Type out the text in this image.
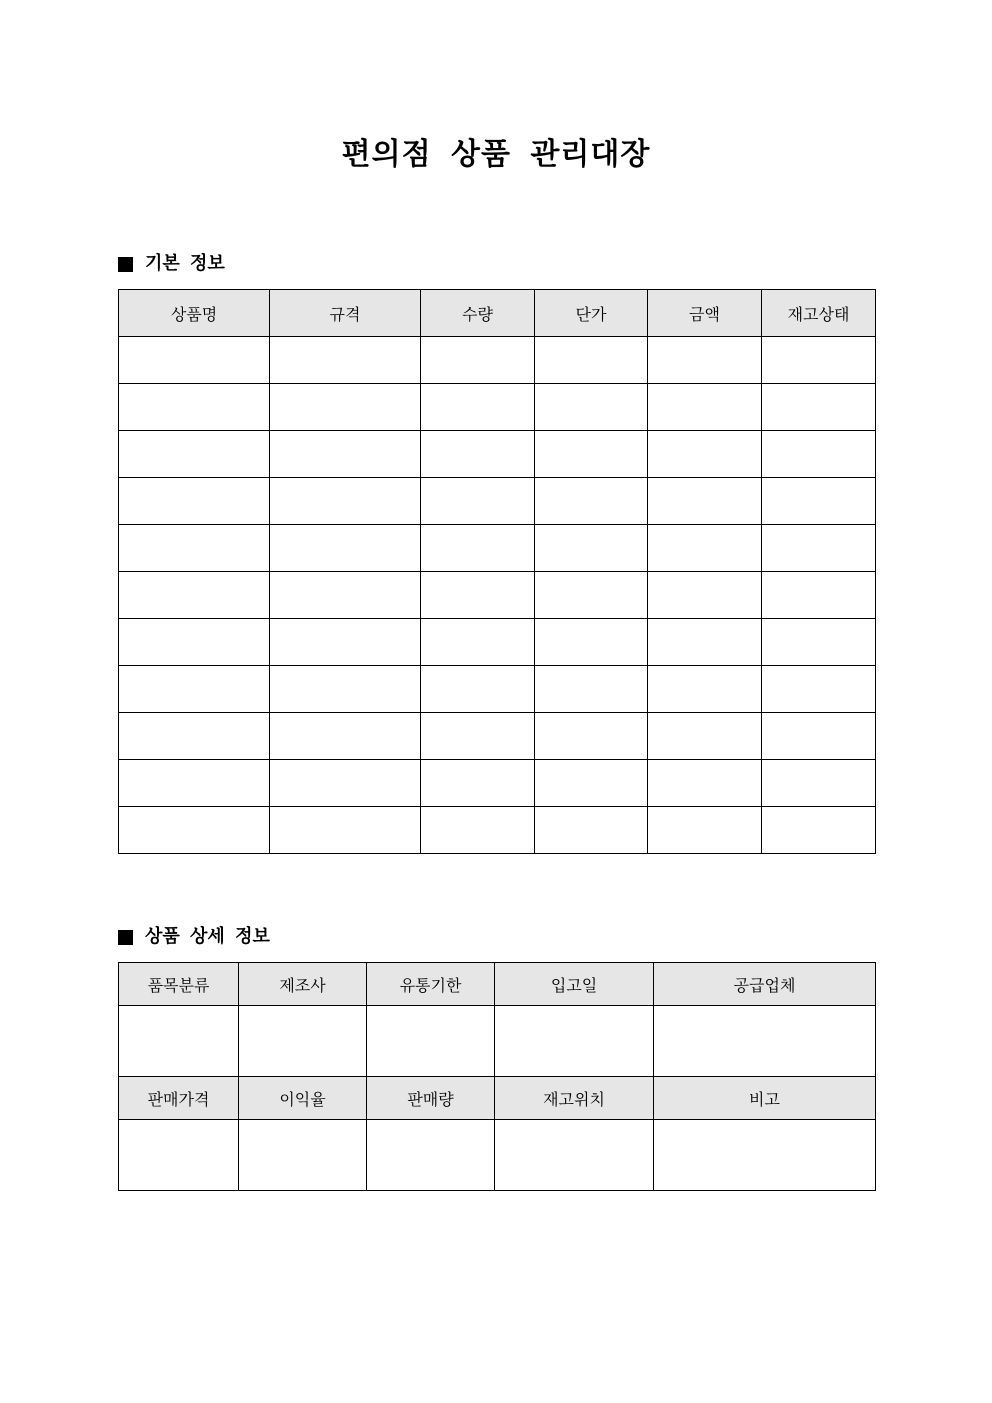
편의점 상품 관리대장
기본 정보
상품명	규격	수량	단가	금액	재고상태

상품 상세 정보
품목분류	제조사	유통기한	입고일	공급업체

판매가격	이익율	판매량	재고위치	비고
